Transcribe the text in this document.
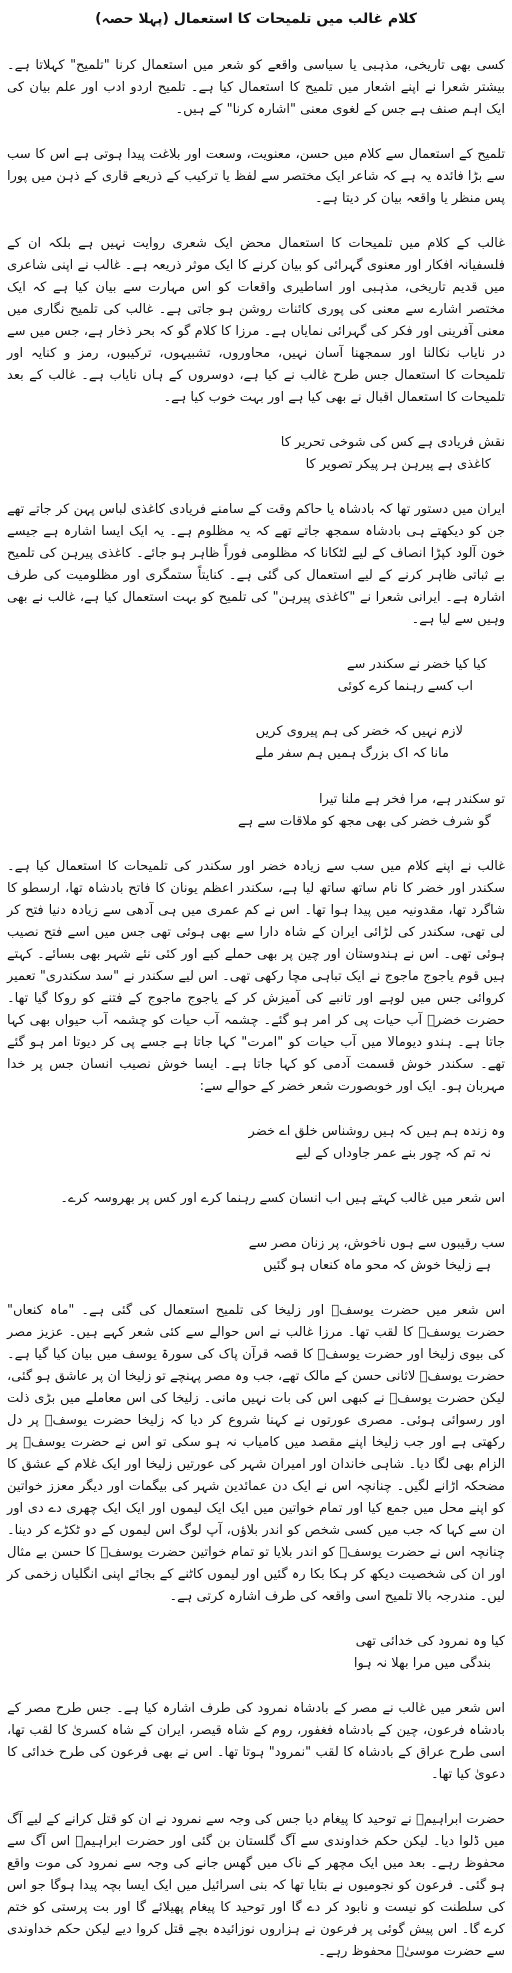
کلام غالب میں تلمیحات کا استعمال (پہلا حصہ)

کسی بھی تاریخی، مذہبی یا سیاسی واقعے کو شعر میں استعمال کرنا "تلمیح" کہلاتا ہے۔ بیشتر شعرا نے اپنے اشعار میں تلمیح کا استعمال کیا ہے۔ تلمیح اردو ادب اور علم بیان کی ایک اہم صنف ہے جس کے لغوی معنی "اشارہ کرنا" کے ہیں۔

تلمیح کے استعمال سے کلام میں حسن، معنویت، وسعت اور بلاغت پیدا ہوتی ہے اس کا سب سے بڑا فائدہ یہ ہے کہ شاعر ایک مختصر سے لفظ یا ترکیب کے ذریعے قاری کے ذہن میں پورا پس منظر یا واقعہ بیان کر دیتا ہے۔

غالب کے کلام میں تلمیحات کا استعمال محض ایک شعری روایت نہیں ہے بلکہ ان کے فلسفیانہ افکار اور معنوی گہرائی کو بیان کرنے کا ایک موثر ذریعہ ہے۔ غالب نے اپنی شاعری میں قدیم تاریخی، مذہبی اور اساطیری واقعات کو اس مہارت سے بیان کیا ہے کہ ایک مختصر اشارے سے معنی کی پوری کائنات روشن ہو جاتی ہے۔ غالب کی تلمیح نگاری میں معنی آفرینی اور فکر کی گہرائی نمایاں ہے۔ مرزا کا کلام گو کہ بحر ذخار ہے، جس میں سے در نایاب نکالنا اور سمجھنا آسان نہیں، محاوروں، تشبیہوں، ترکیبوں، رمز و کنایہ اور تلمیحات کا استعمال جس طرح غالب نے کیا ہے، دوسروں کے ہاں نایاب ہے۔ غالب کے بعد تلمیحات کا استعمال اقبال نے بھی کیا ہے اور بہت خوب کیا ہے۔

نقش فریادی ہے کس کی شوخی تحریر کا
کاغذی ہے پیرہن ہر پیکر تصویر کا

ایران میں دستور تھا کہ بادشاہ یا حاکم وقت کے سامنے فریادی کاغذی لباس پہن کر جاتے تھے جن کو دیکھتے ہی بادشاہ سمجھ جاتے تھے کہ یہ مظلوم ہے۔ یہ ایک ایسا اشارہ ہے جیسے خون آلود کپڑا انصاف کے لیے لٹکانا کہ مظلومی فوراً ظاہر ہو جائے۔ کاغذی پیرہن کی تلمیح بے ثباتی ظاہر کرنے کے لیے استعمال کی گئی ہے۔ کنایتاً ستمگری اور مظلومیت کی طرف اشارہ ہے۔ ایرانی شعرا نے "کاغذی پیرہن" کی تلمیح کو بہت استعمال کیا ہے، غالب نے بھی وہیں سے لیا ہے۔

کیا کیا خضر نے سکندر سے
اب کسے رہنما کرے کوئی
لازم نہیں کہ خضر کی ہم پیروی کریں
مانا کہ اک بزرگ ہمیں ہم سفر ملے
تو سکندر ہے، مرا فخر ہے ملنا تیرا
گو شرف خضر کی بھی مجھ کو ملاقات سے ہے

غالب نے اپنے کلام میں سب سے زیادہ خضر اور سکندر کی تلمیحات کا استعمال کیا ہے۔ سکندر اور خضر کا نام ساتھ ساتھ لیا ہے، سکندر اعظم یونان کا فاتح بادشاہ تھا، ارسطو کا شاگرد تھا، مقدونیہ میں پیدا ہوا تھا۔ اس نے کم عمری میں ہی آدھی سے زیادہ دنیا فتح کر لی تھی، سکندر کی لڑائی ایران کے شاہ دارا سے بھی ہوئی تھی جس میں اسے فتح نصیب ہوئی تھی۔ اس نے ہندوستان اور چین پر بھی حملے کیے اور کئی نئے شہر بھی بسائے۔ کہتے ہیں قوم یاجوج ماجوج نے ایک تباہی مچا رکھی تھی۔ اس لیے سکندر نے "سد سکندری" تعمیر کروائی جس میں لوہے اور تانبے کی آمیزش کر کے یاجوج ماجوج کے فتنے کو روکا گیا تھا۔ حضرت خضرؑ آب حیات پی کر امر ہو گئے۔ چشمہ آب حیات کو چشمہ آب حیواں بھی کہا جاتا ہے۔ ہندو دیومالا میں آب حیات کو "امرت" کہا جاتا ہے جسے پی کر دیوتا امر ہو گئے تھے۔ سکندر خوش قسمت آدمی کو کہا جاتا ہے۔ ایسا خوش نصیب انسان جس پر خدا مہربان ہو۔ ایک اور خوبصورت شعر خضر کے حوالے سے:

وہ زندہ ہم ہیں کہ ہیں روشناس خلق اے خضر
نہ تم کہ چور بنے عمر جاوداں کے لیے

اس شعر میں غالب کہتے ہیں اب انسان کسے رہنما کرے اور کس پر بھروسہ کرے۔

سب رقیبوں سے ہوں ناخوش، پر زنان مصر سے
ہے زلیخا خوش کہ محو ماہ کنعاں ہو گئیں

اس شعر میں حضرت یوسفؑ اور زلیخا کی تلمیح استعمال کی گئی ہے۔ "ماہ کنعاں" حضرت یوسفؑ کا لقب تھا۔ مرزا غالب نے اس حوالے سے کئی شعر کہے ہیں۔ عزیز مصر کی بیوی زلیخا اور حضرت یوسفؑ کا قصہ قرآن پاک کی سورۃ یوسف میں بیان کیا گیا ہے۔ حضرت یوسفؑ لاثانی حسن کے مالک تھے، جب وہ مصر پہنچے تو زلیخا ان پر عاشق ہو گئی، لیکن حضرت یوسفؑ نے کبھی اس کی بات نہیں مانی۔ زلیخا کی اس معاملے میں بڑی ذلت اور رسوائی ہوئی۔ مصری عورتوں نے کہنا شروع کر دیا کہ زلیخا حضرت یوسفؑ پر دل رکھتی ہے اور جب زلیخا اپنے مقصد میں کامیاب نہ ہو سکی تو اس نے حضرت یوسفؑ پر الزام بھی لگا دیا۔ شاہی خاندان اور امیران شہر کی عورتیں زلیخا اور ایک غلام کے عشق کا مضحکہ اڑانے لگیں۔ چنانچہ اس نے ایک دن عمائدین شہر کی بیگمات اور دیگر معزز خواتین کو اپنے محل میں جمع کیا اور تمام خواتین میں ایک ایک لیموں اور ایک ایک چھری دے دی اور ان سے کہا کہ جب میں کسی شخص کو اندر بلاؤں، آپ لوگ اس لیموں کے دو ٹکڑے کر دینا۔ چنانچہ اس نے حضرت یوسفؑ کو اندر بلایا تو تمام خواتین حضرت یوسفؑ کا حسن بے مثال اور ان کی شخصیت دیکھ کر ہکا بکا رہ گئیں اور لیموں کاٹنے کے بجائے اپنی انگلیاں زخمی کر لیں۔ مندرجہ بالا تلمیح اسی واقعہ کی طرف اشارہ کرتی ہے۔

کیا وہ نمرود کی خدائی تھی
بندگی میں مرا بھلا نہ ہوا

اس شعر میں غالب نے مصر کے بادشاہ نمرود کی طرف اشارہ کیا ہے۔ جس طرح مصر کے بادشاہ فرعون، چین کے بادشاہ فغفور، روم کے شاہ قیصر، ایران کے شاہ کسریٰ کا لقب تھا، اسی طرح عراق کے بادشاہ کا لقب "نمرود" ہوتا تھا۔ اس نے بھی فرعون کی طرح خدائی کا دعویٰ کیا تھا۔

حضرت ابراہیمؑ نے توحید کا پیغام دیا جس کی وجہ سے نمرود نے ان کو قتل کرانے کے لیے آگ میں ڈلوا دیا۔ لیکن حکم خداوندی سے آگ گلستان بن گئی اور حضرت ابراہیمؑ اس آگ سے محفوظ رہے۔ بعد میں ایک مچھر کے ناک میں گھس جانے کی وجہ سے نمرود کی موت واقع ہو گئی۔ فرعون کو نجومیوں نے بتایا تھا کہ بنی اسرائیل میں ایک ایسا بچہ پیدا ہوگا جو اس کی سلطنت کو نیست و نابود کر دے گا اور توحید کا پیغام پھیلائے گا اور بت پرستی کو ختم کرے گا۔ اس پیش گوئی پر فرعون نے ہزاروں نوزائیدہ بچے قتل کروا دیے لیکن حکم خداوندی سے حضرت موسیٰؑ محفوظ رہے۔
